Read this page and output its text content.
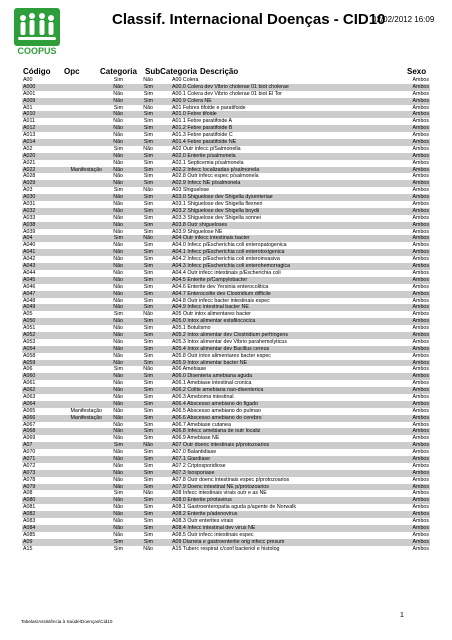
COOPUS
Classif. Internacional Doenças - CID10
02/02/2012 16:09
Código Opc	Categoria SubCategoria Descrição	Sexo
A00	Sim	Não	A00 Colera	Ambos
A000	Não	Sim	A00.0 Colera dev Vibrio cholerae 01 biot cholerae	Ambos
A001	Não	Sim	A00.1 Colera dev Vibrio cholerae 01 biot El Tor	Ambos
A009	Não	Sim	A00.9 Colera NE	Ambos
A01	Sim	Não	A01 Febres tifoide e paratifoide	Ambos
A010	Não	Sim	A01.0 Febre tifoide	Ambos
A011	Não	Sim	A01.1 Febre paratifoide A	Ambos
A012	Não	Sim	A01.2 Febre paratifoide B	Ambos
A013	Não	Sim	A01.3 Febre paratifoide C	Ambos
A014	Não	Sim	A01.4 Febre paratifoide NE	Ambos
A02	Sim	Não	A02 Outr infecc p/Salmonella	Ambos
A020	Não	Sim	A02.0 Enterite p/salmonela	Ambos
A021	Não	Sim	A02.1 Septicemia p/salmonela	Ambos
A022	Manifestação	Não	Sim	A02.2 Infecc localizadas p/salmonela	Ambos
A028	Não	Sim	A02.8 Outr infecc espec p/salmonela	Ambos
A029	Não	Sim	A02.9 Infecc NE p/salmonela	Ambos
A03	Sim	Não	A03 Shiguelose	Ambos
A030	Não	Sim	A03.0 Shiguelose dev Shigella dysenteriae	Ambos
A031	Não	Sim	A03.1 Shiguelose dev Shigella flexneri	Ambos
A032	Não	Sim	A03.2 Shiguelose dev Shigella boydii	Ambos
A033	Não	Sim	A03.3 Shiguelose dev Shigella sonnei	Ambos
A038	Não	Sim	A03.8 Outr shigueloses	Ambos
A039	Não	Sim	A03.9 Shiguelose NE	Ambos
A04	Sim	Não	A04 Outr infecc intestinais bacter	Ambos
A040	Não	Sim	A04.0 Infecc p/Escherichia coli enteropatogenica	Ambos
A041	Não	Sim	A04.1 Infecc p/Escherichia coli enterotoxigenica	Ambos
A042	Não	Sim	A04.2 Infecc p/Escherichia coli enteroinvasiva	Ambos
A043	Não	Sim	A04.3 Infecc p/Escherichia coli enterohemorragica	Ambos
A044	Não	Sim	A04.4 Outr infecc intestinais p/Escherichia coli	Ambos
A045	Não	Sim	A04.5 Enterite p/Campylobacter	Ambos
A046	Não	Sim	A04.6 Enterite dev Yersinia enterocolitica	Ambos
A047	Não	Sim	A04.7 Enterocolite dev Clostridium difficile	Ambos
A048	Não	Sim	A04.8 Outr infecc bacter intestinais espec	Ambos
A049	Não	Sim	A04.9 Infecc intestinal bacter NE	Ambos
A05	Sim	Não	A05 Outr intox alimentares bacter	Ambos
A050	Não	Sim	A05.0 Intox alimentar estafilococica	Ambos
A051	Não	Sim	A05.1 Botulismo	Ambos
A052	Não	Sim	A05.2 Intox alimentar dev Clostridium perfringens	Ambos
A053	Não	Sim	A05.3 Intox alimentar dev Vibrio parahemolyticus	Ambos
A054	Não	Sim	A05.4 Intox alimentar dev Bacillus cereus	Ambos
A058	Não	Sim	A05.8 Outr intox alimentares bacter espec	Ambos
A059	Não	Sim	A05.9 Intox alimentar bacter NE	Ambos
A06	Sim	Não	A06 Amebiase	Ambos
A060	Não	Sim	A06.0 Disenteria amebiana aguda	Ambos
A061	Não	Sim	A06.1 Amebiase intestinal cronica	Ambos
A062	Não	Sim	A06.2 Colite amebiana nao-disenterica	Ambos
A063	Não	Sim	A06.3 Ameboma intestinal	Ambos
A064	Não	Sim	A06.4 Abscesso amebiano do figado	Ambos
A065	Manifestação	Não	Sim	A06.5 Abscesso amebiano do pulmao	Ambos
A066	Manifestação	Não	Sim	A06.6 Abscesso amebiano do cerebro	Ambos
A067	Não	Sim	A06.7 Amebiase cutanea	Ambos
A068	Não	Sim	A06.8 Infecc amebiana de outr localiz	Ambos
A069	Não	Sim	A06.9 Amebiase NE	Ambos
A07	Sim	Não	A07 Outr doenc intestinais p/protozoarios	Ambos
A070	Não	Sim	A07.0 Balantidiase	Ambos
A071	Não	Sim	A07.1 Giardiase	Ambos
A072	Não	Sim	A07.2 Criptosporidiose	Ambos
A073	Não	Sim	A07.3 Isosporiase	Ambos
A078	Não	Sim	A07.8 Outr doenc intestinais espec p/protozoarios	Ambos
A079	Não	Sim	A07.9 Doenc intestinal NE p/protozoarios	Ambos
A08	Sim	Não	A08 Infecc intestinais virais outr e as NE	Ambos
A080	Não	Sim	A08.0 Enterite p/rotavirus	Ambos
A081	Não	Sim	A08.1 Gastroenteropatia aguda p/agente de Norwalk	Ambos
A082	Não	Sim	A08.2 Enterite p/adenovirus	Ambos
A083	Não	Sim	A08.3 Outr enterites virais	Ambos
A084	Não	Sim	A08.4 Infecc intestinal dev virus NE	Ambos
A085	Não	Sim	A08.5 Outr infecc intestinais espec	Ambos
A09	Sim	Sim	A09 Diarreia e gastroenterite orig infecc presum	Ambos
A15	Sim	Não	A15 Tuberc respirat c/conf bacteriol e histolog	Ambos
Tabelas\Assistência à Saúde\Doenças\Cid10
1
